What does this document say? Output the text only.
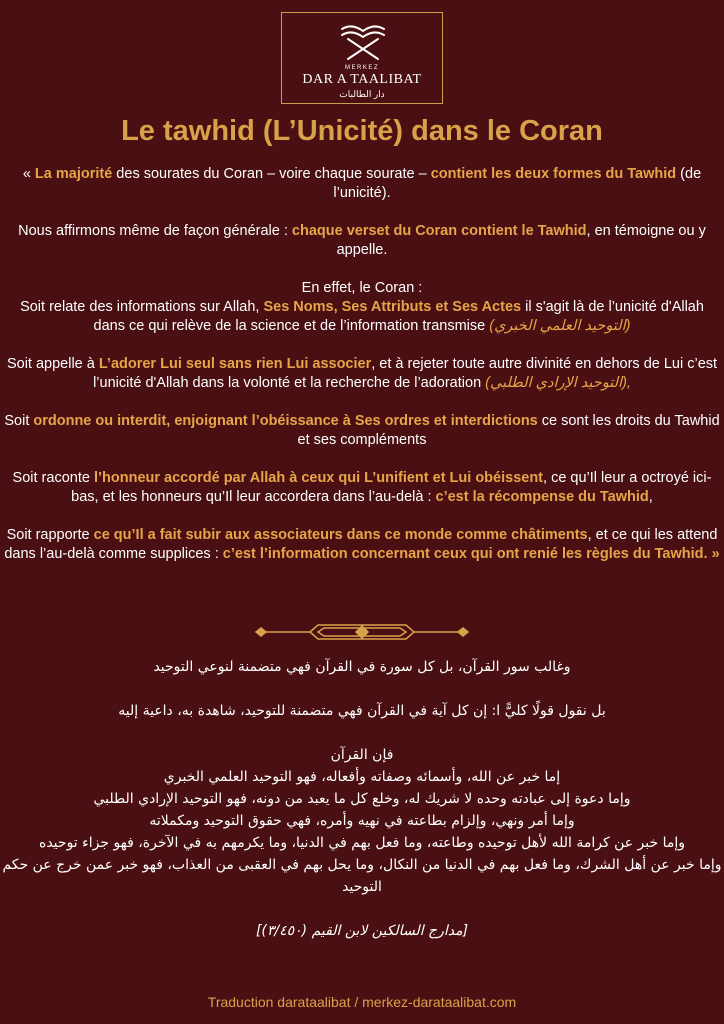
MERKEZ
DAR A TAALIBAT
دار الطالبات
Le tawhid (L’Unicité) dans le Coran

« La majorité des sourates du Coran – voire chaque sourate – contient les deux formes du Tawhid (de l’unicité).

Nous affirmons même de façon générale : chaque verset du Coran contient le Tawhid, en témoigne ou y appelle.

En effet, le Coran :
Soit relate des informations sur Allah, Ses Noms, Ses Attributs et Ses Actes il s'agit là de l’unicité d'Allah dans ce qui relève de la science et de l’information transmise (التوحيد العلمي الخبري)

Soit appelle à L’adorer Lui seul sans rien Lui associer, et à rejeter toute autre divinité en dehors de Lui c’est l’unicité d'Allah dans la volonté et la recherche de l’adoration (التوحيد الإرادي الطلبي),

Soit ordonne ou interdit, enjoignant l’obéissance à Ses ordres et interdictions ce sont les droits du Tawhid et ses compléments

Soit raconte l’honneur accordé par Allah à ceux qui L’unifient et Lui obéissent, ce qu’Il leur a octroyé ici-bas, et les honneurs qu’Il leur accordera dans l’au-delà : c’est la récompense du Tawhid,

Soit rapporte ce qu’Il a fait subir aux associateurs dans ce monde comme châtiments, et ce qui les attend dans l’au-delà comme supplices : c’est l’information concernant ceux qui ont renié les règles du Tawhid. »

وغالب سور القرآن، بل كل سورة في القرآن فهي متضمنة لنوعي التوحيد

بل نقول قولًا كليًّ ا: إن كل آية في القرآن فهي متضمنة للتوحيد، شاهدة به، داعية إليه

فإن القرآن

إما خبر عن الله، وأسمائه وصفاته وأفعاله، فهو التوحيد العلمي الخبري

وإما دعوة إلى عبادته وحده لا شريك له، وخلع كل ما يعبد من دونه، فهو التوحيد الإرادي الطلبي

وإما أمر ونهي، وإلزام بطاعته في نهيه وأمره، فهي حقوق التوحيد ومكملاته

وإما خبر عن كرامة الله لأهل توحيده وطاعته، وما فعل بهم في الدنيا، وما يكرمهم به في الآخرة، فهو جزاء توحيده

وإما خبر عن أهل الشرك، وما فعل بهم في الدنيا من النكال، وما يحل بهم في العقبى من العذاب، فهو خبر عمن خرج عن حكم التوحيد

[مدارج السالكين لابن القيم (٣/٤٥٠)]

Traduction darataalibat / merkez-darataalibat.com
